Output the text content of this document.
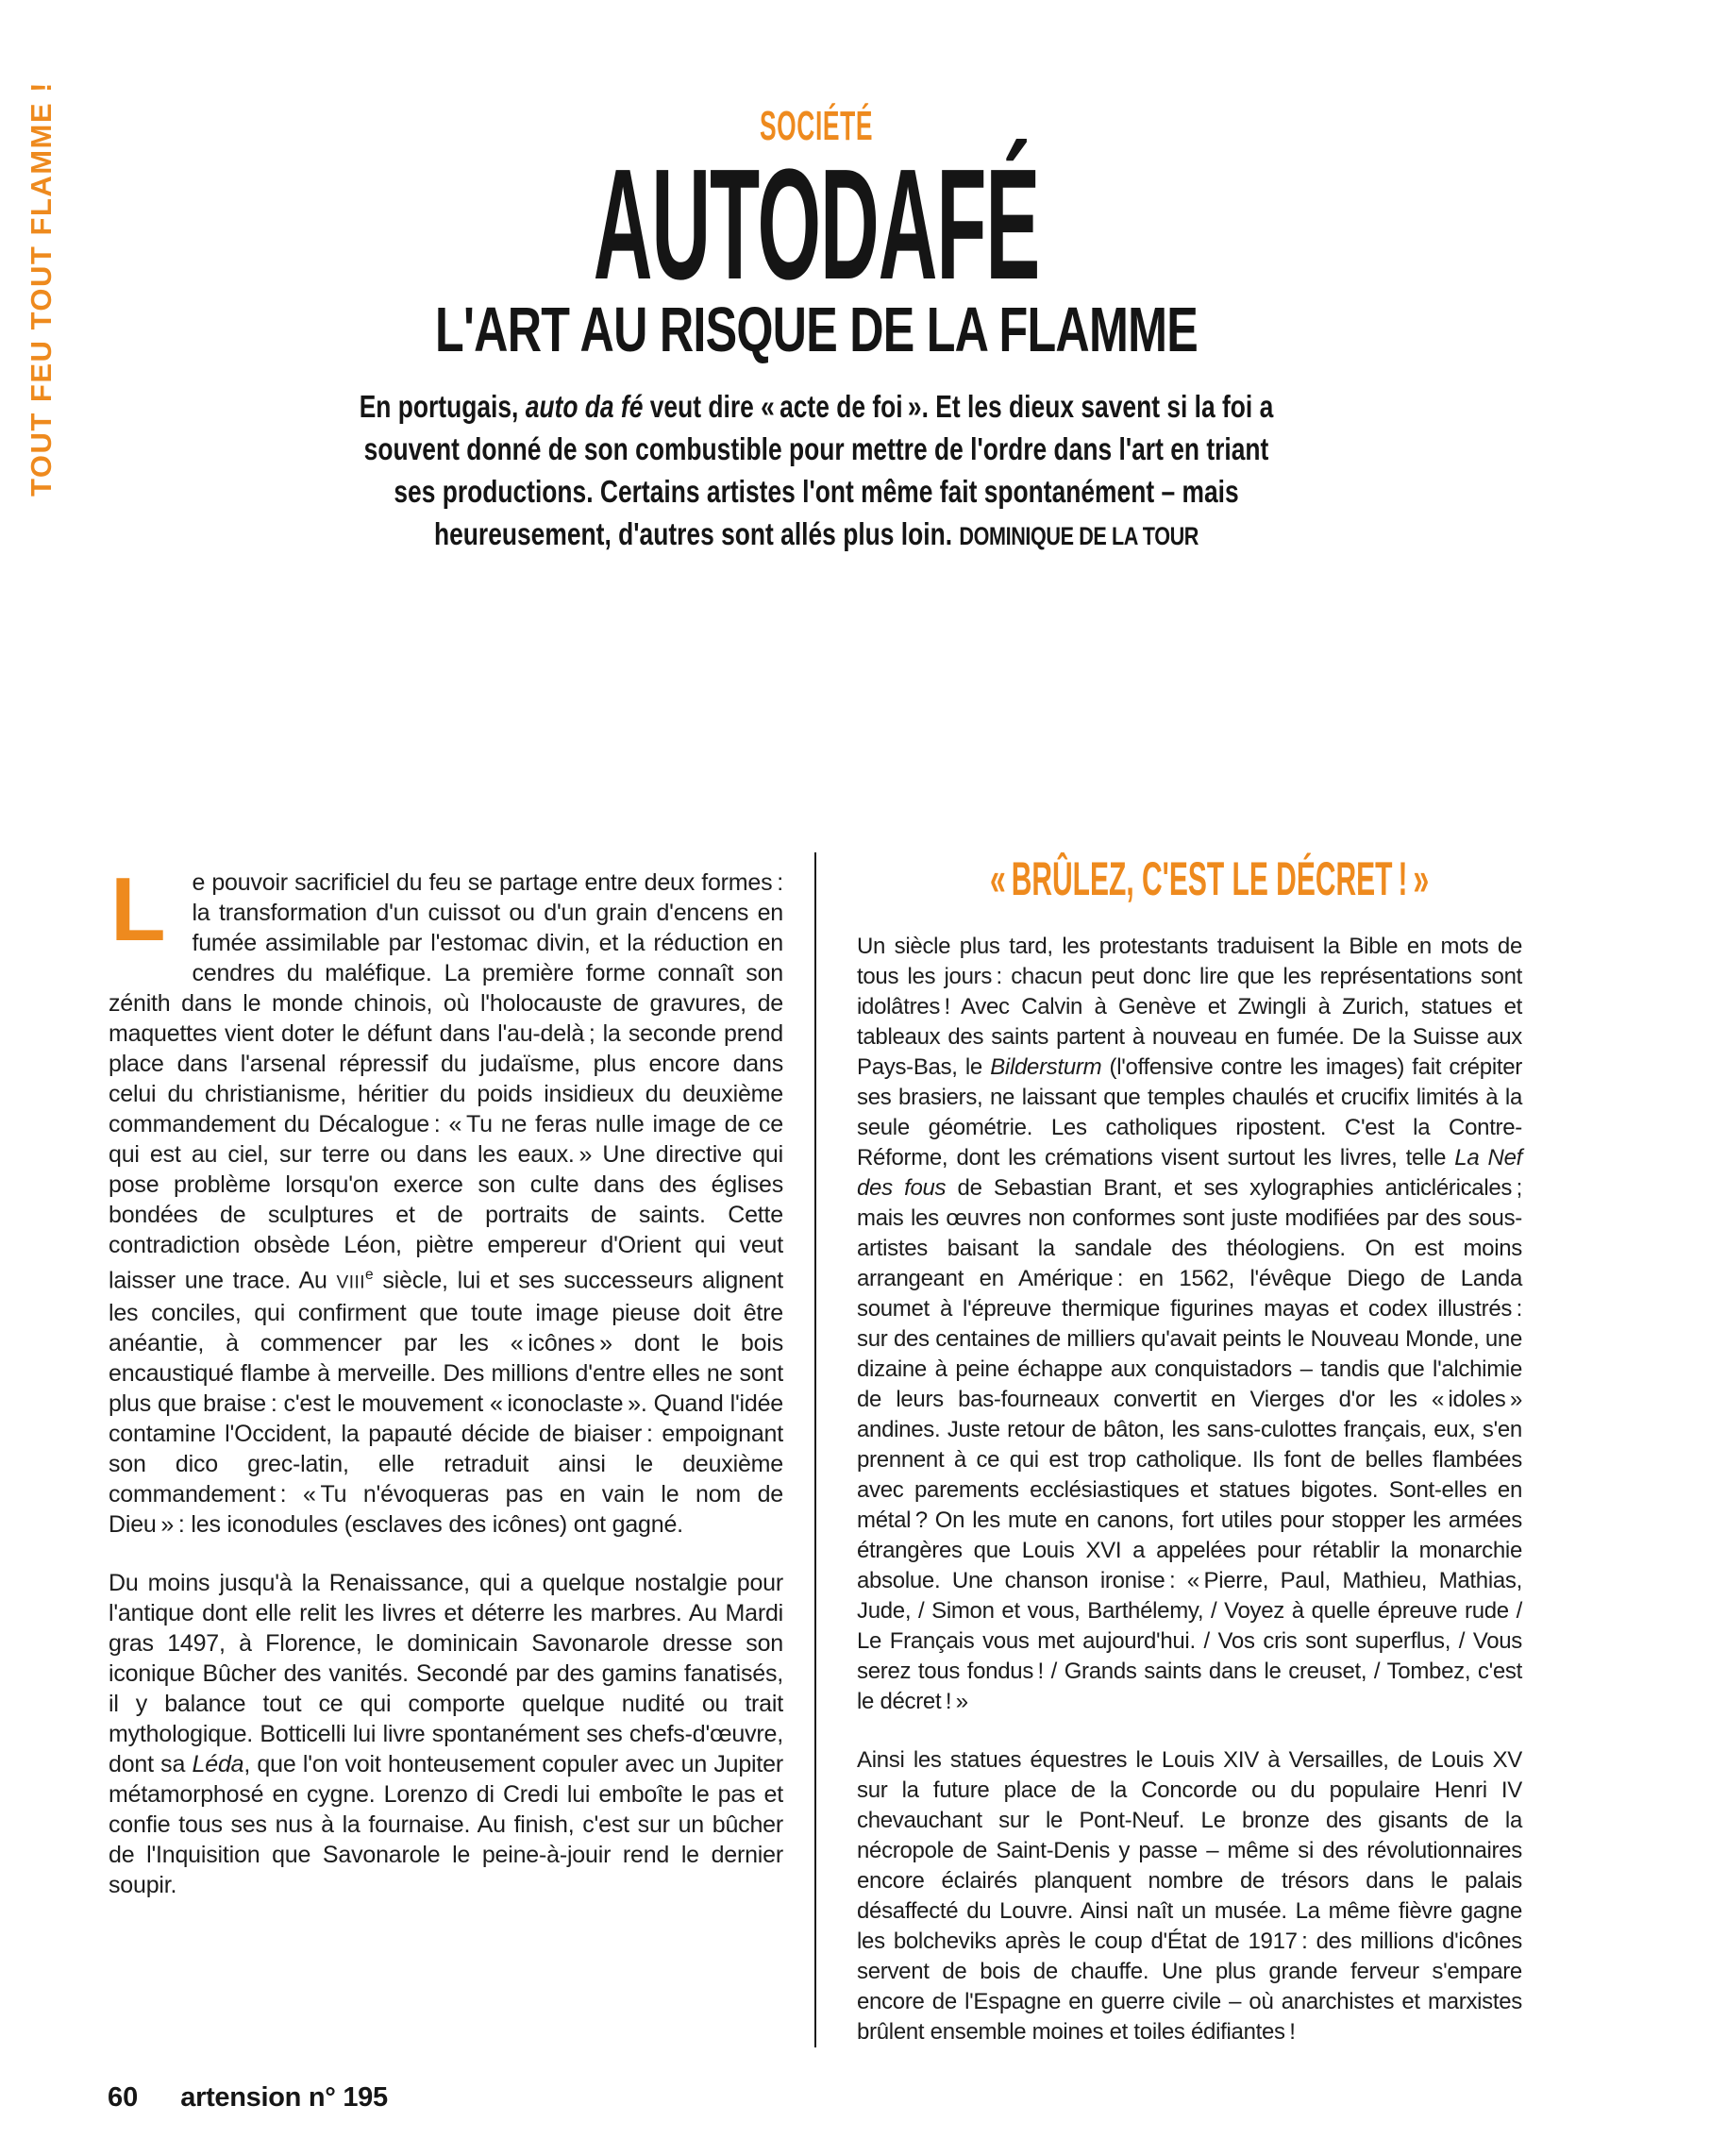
TOUT FEU TOUT FLAMME !	SOCIÉTÉ
AUTODAFÉ
L'ART AU RISQUE DE LA FLAMME

En portugais, auto da fé veut dire « acte de foi ». Et les dieux savent si la foi a souvent donné de son combustible pour mettre de l'ordre dans l'art en triant ses productions. Certains artistes l'ont même fait spontanément – mais heureusement, d'autres sont allés plus loin. DOMINIQUE DE LA TOUR

L	e pouvoir sacrificiel du feu se partage entre deux formes : la transformation d'un cuissot ou d'un grain d'encens en fumée assimilable par l'estomac divin, et la réduction en cendres du maléfique. La première forme connaît son zénith dans le monde chinois, où l'holocauste de gravures, de maquettes vient doter le défunt dans l'au-delà ; la seconde prend place dans l'arsenal répressif du judaïsme, plus encore dans celui du christianisme, héritier du poids insidieux du deuxième commandement du Décalogue : « Tu ne feras nulle image de ce qui est au ciel, sur terre ou dans les eaux. » Une directive qui pose problème lorsqu'on exerce son culte dans des églises bondées de sculptures et de portraits de saints. Cette contradiction obsède Léon, piètre empereur d'Orient qui veut laisser une trace. Au VIIIe siècle, lui et ses successeurs alignent les conciles, qui confirment que toute image pieuse doit être anéantie, à commencer par les « icônes » dont le bois encaustiqué flambe à merveille. Des millions d'entre elles ne sont plus que braise : c'est le mouvement « iconoclaste ». Quand l'idée contamine l'Occident, la papauté décide de biaiser : empoignant son dico grec-latin, elle retraduit ainsi le deuxième commandement : « Tu n'évoqueras pas en vain le nom de Dieu » : les iconodules (esclaves des icônes) ont gagné.

Du moins jusqu'à la Renaissance, qui a quelque nostalgie pour l'antique dont elle relit les livres et déterre les marbres. Au Mardi gras 1497, à Florence, le dominicain Savonarole dresse son iconique Bûcher des vanités. Secondé par des gamins fanatisés, il y balance tout ce qui comporte quelque nudité ou trait mythologique. Botticelli lui livre spontanément ses chefs-d'œuvre, dont sa Léda, que l'on voit honteusement copuler avec un Jupiter métamorphosé en cygne. Lorenzo di Credi lui emboîte le pas et confie tous ses nus à la fournaise. Au finish, c'est sur un bûcher de l'Inquisition que Savonarole le peine-à-jouir rend le dernier soupir.

« BRÛLEZ, C'EST LE DÉCRET ! »

Un siècle plus tard, les protestants traduisent la Bible en mots de tous les jours : chacun peut donc lire que les représentations sont idolâtres ! Avec Calvin à Genève et Zwingli à Zurich, statues et tableaux des saints partent à nouveau en fumée. De la Suisse aux Pays-Bas, le Bildersturm (l'offensive contre les images) fait crépiter ses brasiers, ne laissant que temples chaulés et crucifix limités à la seule géométrie. Les catholiques ripostent. C'est la Contre-Réforme, dont les crémations visent surtout les livres, telle La Nef des fous de Sebastian Brant, et ses xylographies anticléricales ; mais les œuvres non conformes sont juste modifiées par des sous-artistes baisant la sandale des théologiens. On est moins arrangeant en Amérique : en 1562, l'évêque Diego de Landa soumet à l'épreuve thermique figurines mayas et codex illustrés : sur des centaines de milliers qu'avait peints le Nouveau Monde, une dizaine à peine échappe aux conquistadors – tandis que l'alchimie de leurs bas-fourneaux convertit en Vierges d'or les « idoles » andines. Juste retour de bâton, les sans-culottes français, eux, s'en prennent à ce qui est trop catholique. Ils font de belles flambées avec parements ecclésiastiques et statues bigotes. Sont-elles en métal ? On les mute en canons, fort utiles pour stopper les armées étrangères que Louis XVI a appelées pour rétablir la monarchie absolue. Une chanson ironise : « Pierre, Paul, Mathieu, Mathias, Jude, / Simon et vous, Barthélemy, / Voyez à quelle épreuve rude / Le Français vous met aujourd'hui. / Vos cris sont superflus, / Vous serez tous fondus ! / Grands saints dans le creuset, / Tombez, c'est le décret ! »

Ainsi les statues équestres le Louis XIV à Versailles, de Louis XV sur la future place de la Concorde ou du populaire Henri IV chevauchant sur le Pont-Neuf. Le bronze des gisants de la nécropole de Saint-Denis y passe – même si des révolutionnaires encore éclairés planquent nombre de trésors dans le palais désaffecté du Louvre. Ainsi naît un musée. La même fièvre gagne les bolcheviks après le coup d'État de 1917 : des millions d'icônes servent de bois de chauffe. Une plus grande ferveur s'empare encore de l'Espagne en guerre civile – où anarchistes et marxistes brûlent ensemble moines et toiles édifiantes !

60 artension n° 195
